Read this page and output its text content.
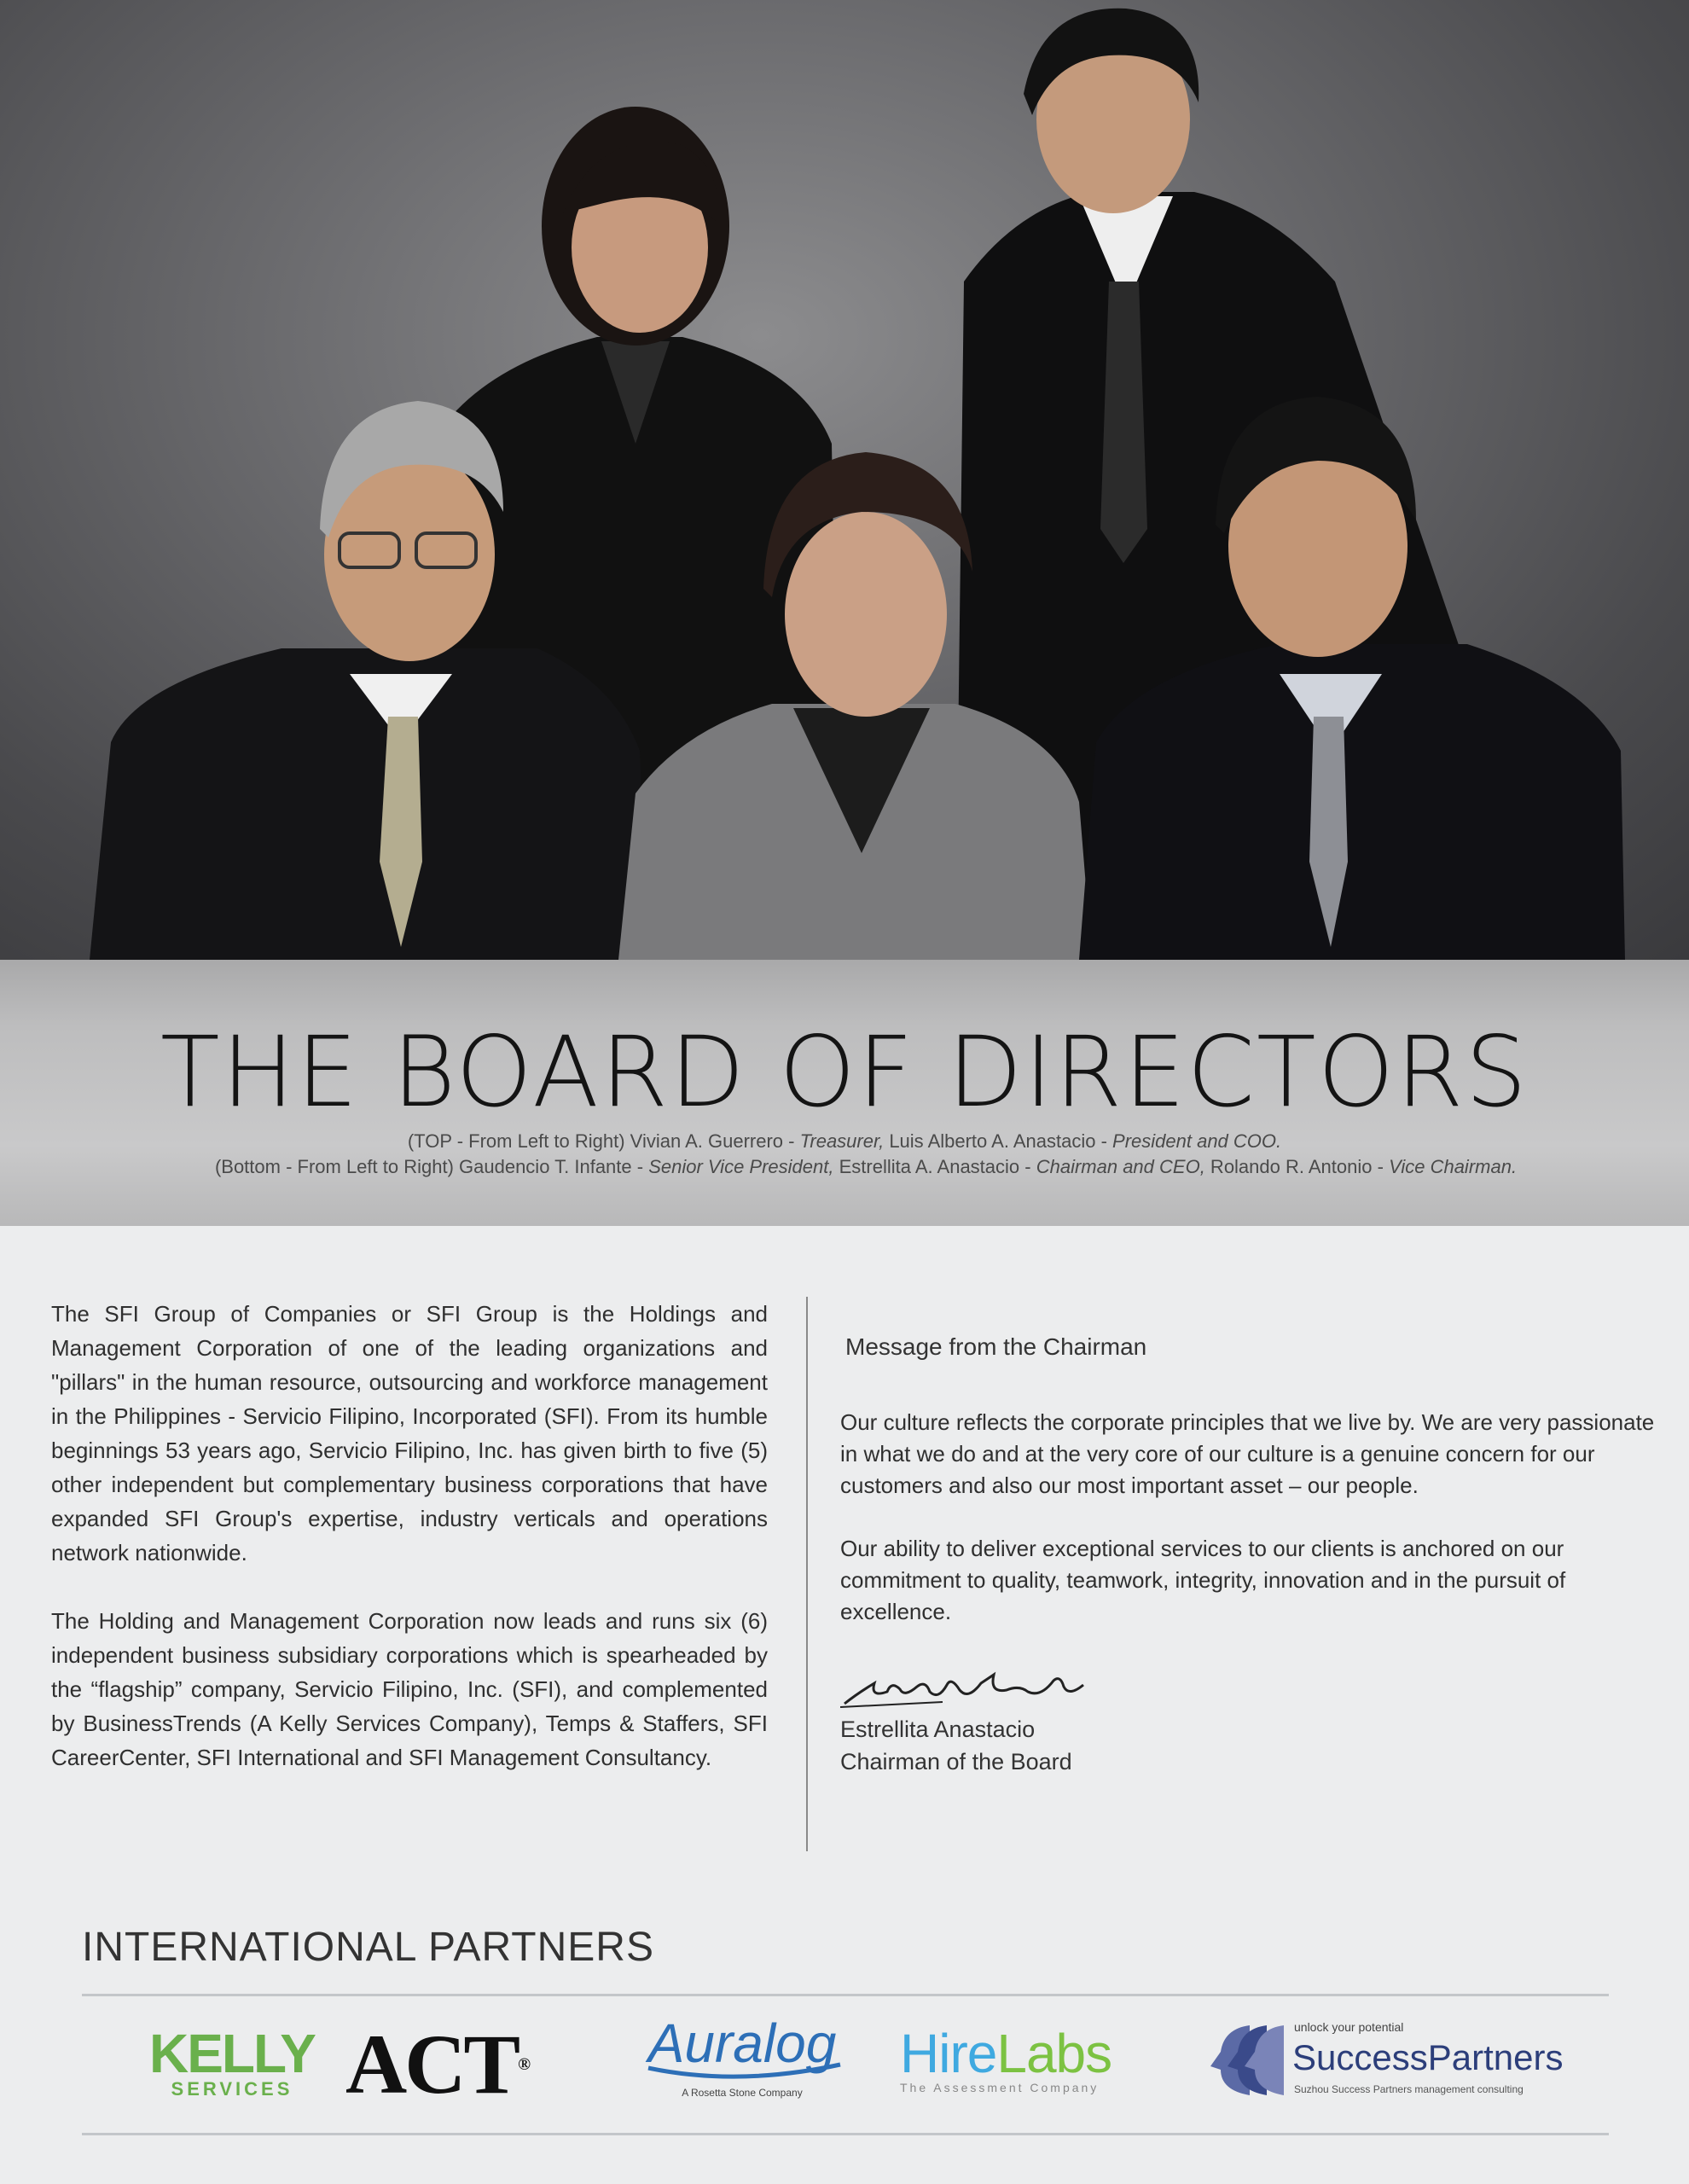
THE BOARD OF DIRECTORS
(TOP - From Left to Right) Vivian A. Guerrero - Treasurer, Luis Alberto A. Anastacio - President and COO.
(Bottom - From Left to Right) Gaudencio T. Infante - Senior Vice President, Estrellita A. Anastacio - Chairman and CEO, Rolando R. Antonio - Vice Chairman.

The SFI Group of Companies or SFI Group is the Holdings and Management Corporation of one of the leading organizations and "pillars" in the human resource, outsourcing and workforce management in the Philippines - Servicio Filipino, Incorporated (SFI). From its humble beginnings 53 years ago, Servicio Filipino, Inc. has given birth to five (5) other independent but complementary business corporations that have expanded SFI Group's expertise, industry verticals and operations network nationwide.

The Holding and Management Corporation now leads and runs six (6) independent business subsidiary corporations which is spearheaded by the “flagship” company, Servicio Filipino, Inc. (SFI), and complemented by BusinessTrends (A Kelly Services Company), Temps & Staffers, SFI CareerCenter, SFI International and SFI Management Consultancy.

Message from the Chairman

Our culture reflects the corporate principles that we live by. We are very passionate in what we do and at the very core of our culture is a genuine concern for our customers and also our most important asset – our people.

Our ability to deliver exceptional services to our clients is anchored on our commitment to quality, teamwork, integrity, innovation and in the pursuit of excellence.

Estrellita Anastacio
Chairman of the Board
INTERNATIONAL PARTNERS
KELLY
SERVICES ACT® Auralog
A Rosetta Stone Company
HireLabs
The Assessment Company
unlock your potential
SuccessPartners
Suzhou Success Partners management consulting
